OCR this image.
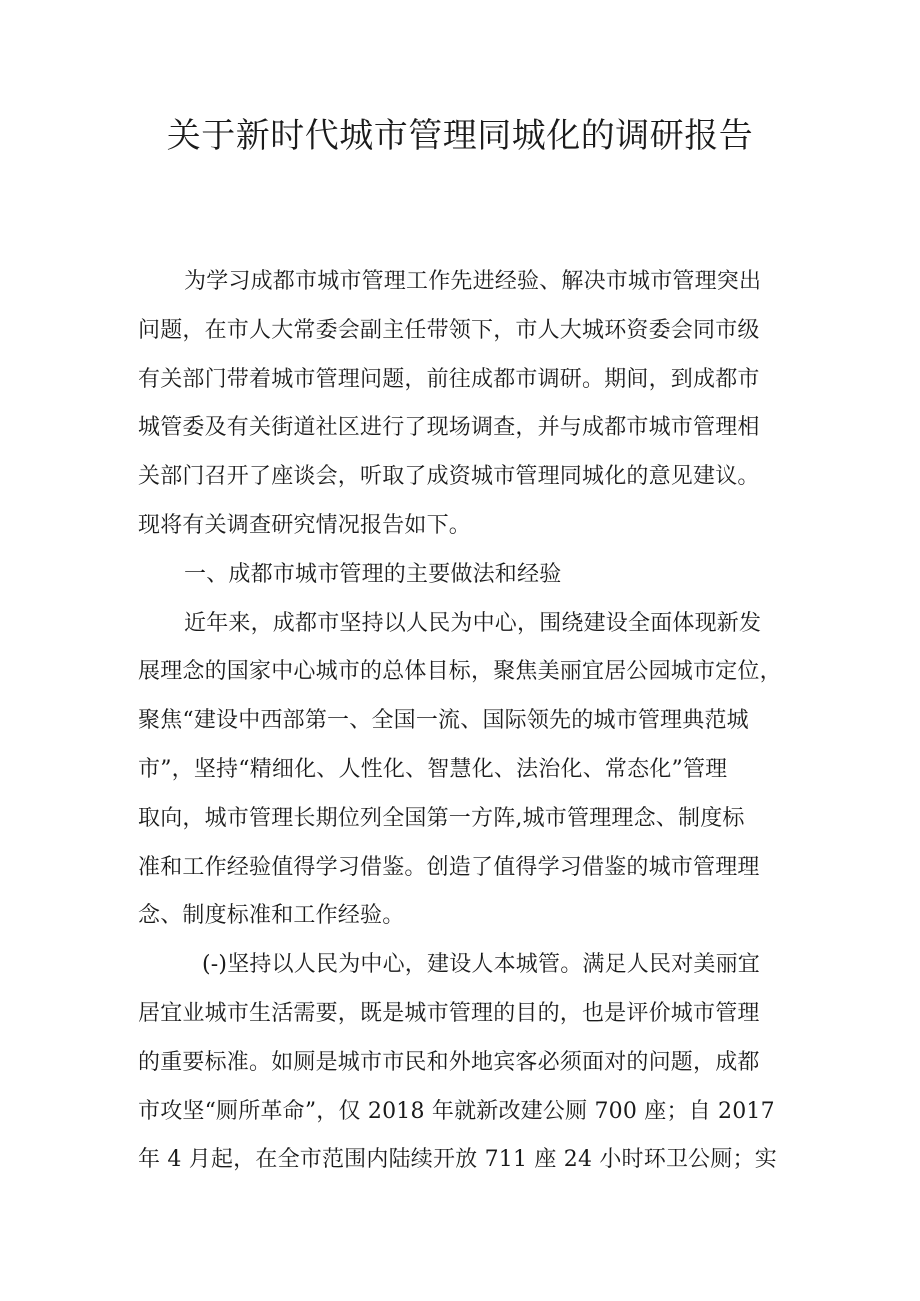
关于新时代城市管理同城化的调研报告
为学习成都市城市管理工作先进经验、解决市城市管理突出
问题，在市人大常委会副主任带领下，市人大城环资委会同市级
有关部门带着城市管理问题，前往成都市调研。期间，到成都市
城管委及有关街道社区进行了现场调查，并与成都市城市管理相
关部门召开了座谈会，听取了成资城市管理同城化的意见建议。
现将有关调查研究情况报告如下。
一、成都市城市管理的主要做法和经验
近年来，成都市坚持以人民为中心，围绕建设全面体现新发
展理念的国家中心城市的总体目标，聚焦美丽宜居公园城市定位，
聚焦“建设中西部第一、全国一流、国际领先的城市管理典范城
市”，坚持“精细化、人性化、智慧化、法治化、常态化”管理
取向，城市管理长期位列全国第一方阵,城市管理理念、制度标
准和工作经验值得学习借鉴。创造了值得学习借鉴的城市管理理
念、制度标准和工作经验。
(-)坚持以人民为中心，建设人本城管。满足人民对美丽宜
居宜业城市生活需要，既是城市管理的目的，也是评价城市管理
的重要标准。如厕是城市市民和外地宾客必须面对的问题，成都
市攻坚“厕所革命”，仅 2018 年就新改建公厕 700 座；自 2017
年 4 月起，在全市范围内陆续开放 711 座 24 小时环卫公厕；实
